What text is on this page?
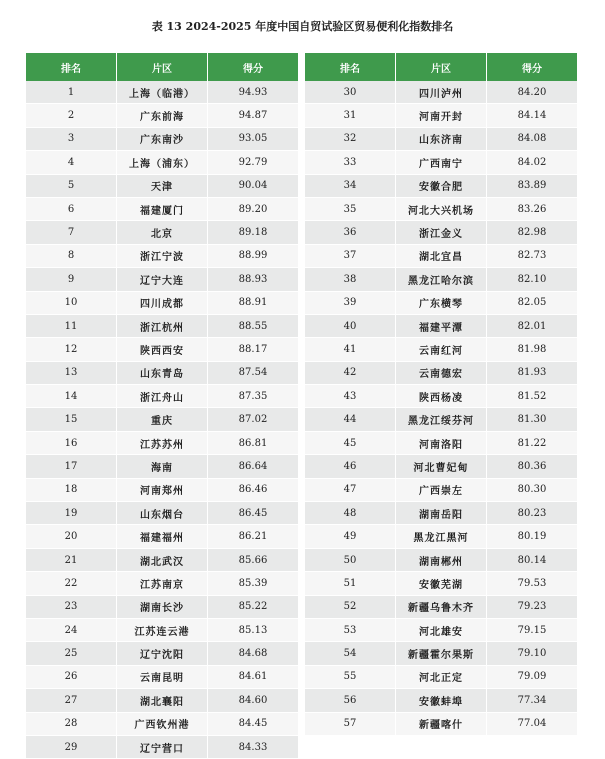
表 13 2024-2025 年度中国自贸试验区贸易便利化指数排名
排名	片区	得分
1	上海（临港）	94.93
2	广东前海	94.87
3	广东南沙	93.05
4	上海（浦东）	92.79
5	天津	90.04
6	福建厦门	89.20
7	北京	89.18
8	浙江宁波	88.99
9	辽宁大连	88.93
10	四川成都	88.91
11	浙江杭州	88.55
12	陕西西安	88.17
13	山东青岛	87.54
14	浙江舟山	87.35
15	重庆	87.02
16	江苏苏州	86.81
17	海南	86.64
18	河南郑州	86.46
19	山东烟台	86.45
20	福建福州	86.21
21	湖北武汉	85.66
22	江苏南京	85.39
23	湖南长沙	85.22
24	江苏连云港	85.13
25	辽宁沈阳	84.68
26	云南昆明	84.61
27	湖北襄阳	84.60
28	广西钦州港	84.45
29	辽宁营口	84.33
排名	片区	得分
30	四川泸州	84.20
31	河南开封	84.14
32	山东济南	84.08
33	广西南宁	84.02
34	安徽合肥	83.89
35	河北大兴机场	83.26
36	浙江金义	82.98
37	湖北宜昌	82.73
38	黑龙江哈尔滨	82.10
39	广东横琴	82.05
40	福建平潭	82.01
41	云南红河	81.98
42	云南德宏	81.93
43	陕西杨凌	81.52
44	黑龙江绥芬河	81.30
45	河南洛阳	81.22
46	河北曹妃甸	80.36
47	广西崇左	80.30
48	湖南岳阳	80.23
49	黑龙江黑河	80.19
50	湖南郴州	80.14
51	安徽芜湖	79.53
52	新疆乌鲁木齐	79.23
53	河北雄安	79.15
54	新疆霍尔果斯	79.10
55	河北正定	79.09
56	安徽蚌埠	77.34
57	新疆喀什	77.04
